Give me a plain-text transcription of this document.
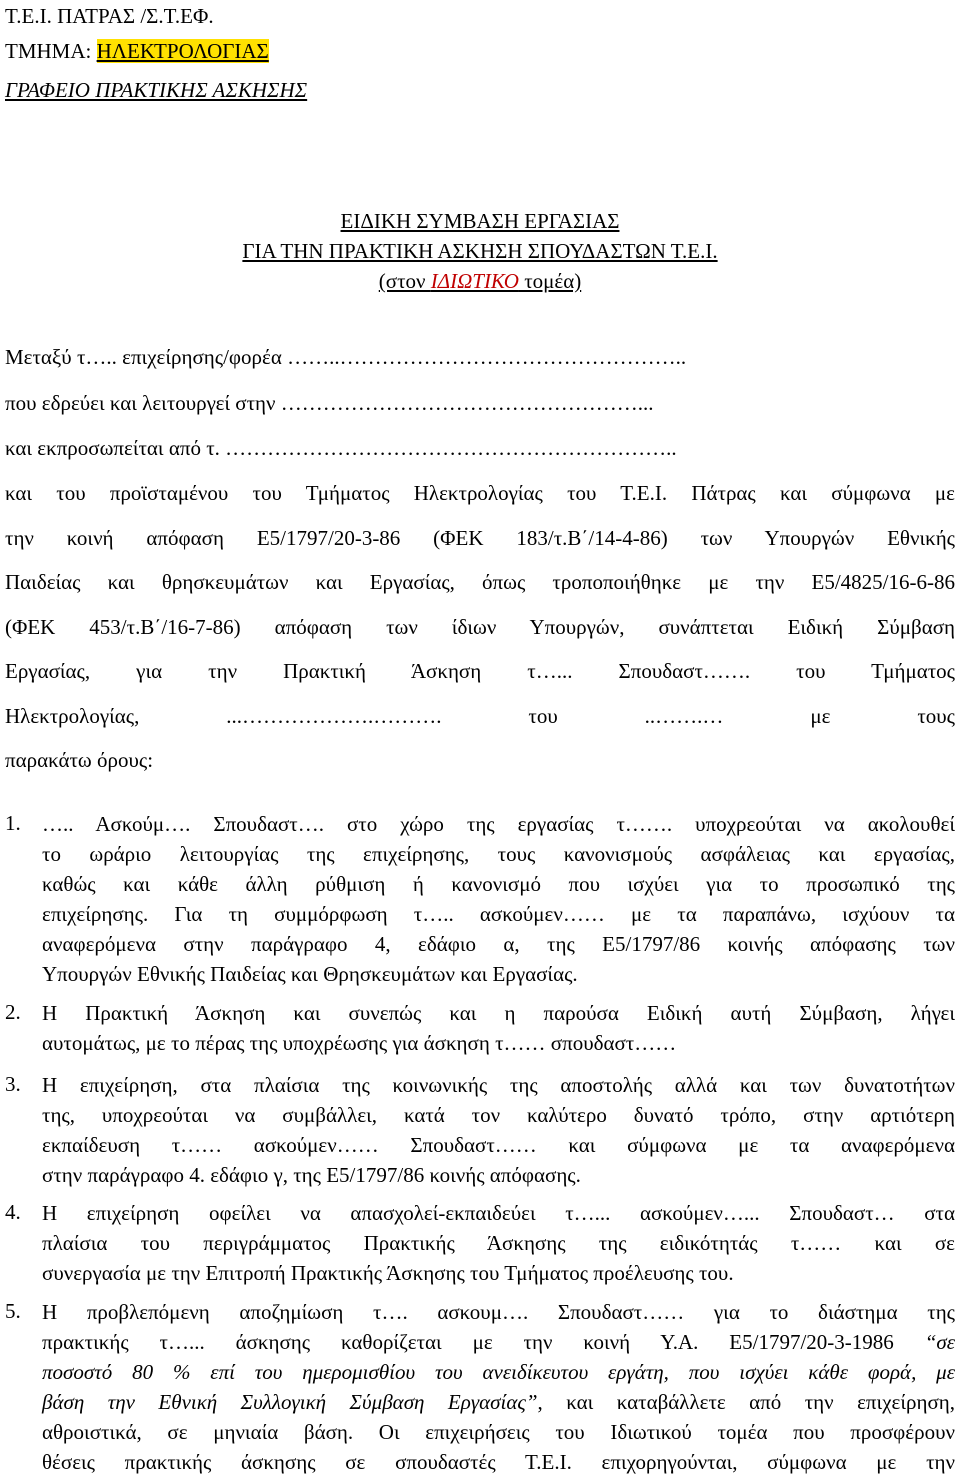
Τ.Ε.Ι. ΠΑΤΡΑΣ /Σ.Τ.ΕΦ.
ΤΜΗΜΑ: ΗΛΕΚΤΡΟΛΟΓΙΑΣ
ΓΡΑΦΕΙΟ ΠΡΑΚΤΙΚΗΣ ΑΣΚΗΣΗΣ
ΕΙΔΙΚΗ ΣΥΜΒΑΣΗ ΕΡΓΑΣΙΑΣ
ΓΙΑ ΤΗΝ ΠΡΑΚΤΙΚΗ ΑΣΚΗΣΗ ΣΠΟΥΔΑΣΤΩΝ Τ.Ε.Ι.
(στον ΙΔΙΩΤΙΚΟ τομέα)
Μεταξύ τ….. επιχείρησης/φορέα ……..…………………………………………..
που εδρεύει και λειτουργεί στην ……………………………………………...
και εκπροσωπείται από τ. ………………………………………………………..
και του προϊσταμένου του Τμήματος Ηλεκτρολογίας του Τ.Ε.Ι. Πάτρας και σύμφωνα με
την κοινή απόφαση Ε5/1797/20-3-86 (ΦΕΚ 183/τ.Β΄/14-4-86) των Υπουργών Εθνικής
Παιδείας και θρησκευμάτων και Εργασίας, όπως τροποποιήθηκε με την Ε5/4825/16-6-86
(ΦΕΚ 453/τ.Β΄/16-7-86) απόφαση των ίδιων Υπουργών, συνάπτεται Ειδική Σύμβαση
Εργασίας, για την Πρακτική Άσκηση τ…... Σπουδαστ……. του Τμήματος
Ηλεκτρολογίας, ...……………….………. του ..…….… με τους
παρακάτω όρους:
1.	….. Ασκούμ…. Σπουδαστ…. στο χώρο της εργασίας τ……. υποχρεούται να ακολουθεί
το ωράριο λειτουργίας της επιχείρησης, τους κανονισμούς ασφάλειας και εργασίας,
καθώς και κάθε άλλη ρύθμιση ή κανονισμό που ισχύει για το προσωπικό της
επιχείρησης. Για τη συμμόρφωση τ….. ασκούμεν…… με τα παραπάνω, ισχύουν τα
αναφερόμενα στην παράγραφο 4, εδάφιο α, της Ε5/1797/86 κοινής απόφασης των
Υπουργών Εθνικής Παιδείας και Θρησκευμάτων και Εργασίας.
2.	Η Πρακτική Άσκηση και συνεπώς και η παρούσα Ειδική αυτή Σύμβαση, λήγει
αυτομάτως, με το πέρας της υποχρέωσης για άσκηση τ…… σπουδαστ……
3.	Η επιχείρηση, στα πλαίσια της κοινωνικής της αποστολής αλλά και των δυνατοτήτων
της, υποχρεούται να συμβάλλει, κατά τον καλύτερο δυνατό τρόπο, στην αρτιότερη
εκπαίδευση τ…… ασκούμεν…… Σπουδαστ…… και σύμφωνα με τα αναφερόμενα
στην παράγραφο 4. εδάφιο γ, της Ε5/1797/86 κοινής απόφασης.
4.	Η επιχείρηση οφείλει να απασχολεί-εκπαιδεύει τ…... ασκούμεν…... Σπουδαστ… στα
πλαίσια του περιγράμματος Πρακτικής Άσκησης της ειδικότητάς τ…… και σε
συνεργασία με την Επιτροπή Πρακτικής Άσκησης του Τμήματος προέλευσης του.
5.	Η προβλεπόμενη αποζημίωση τ…. ασκουμ…. Σπουδαστ…… για το διάστημα της
πρακτικής τ…... άσκησης καθορίζεται με την κοινή Υ.Α. Ε5/1797/20-3-1986 “σε
ποσοστό 80 % επί του ημερομισθίου του ανειδίκευτου εργάτη, που ισχύει κάθε φορά, με
βάση την Εθνική Συλλογική Σύμβαση Εργασίας”, και καταβάλλετε από την επιχείρηση,
αθροιστικά, σε μηνιαία βάση. Οι επιχειρήσεις του Ιδιωτικού τομέα που προσφέρουν
θέσεις πρακτικής άσκησης σε σπουδαστές Τ.Ε.Ι. επιχορηγούνται, σύμφωνα με την
